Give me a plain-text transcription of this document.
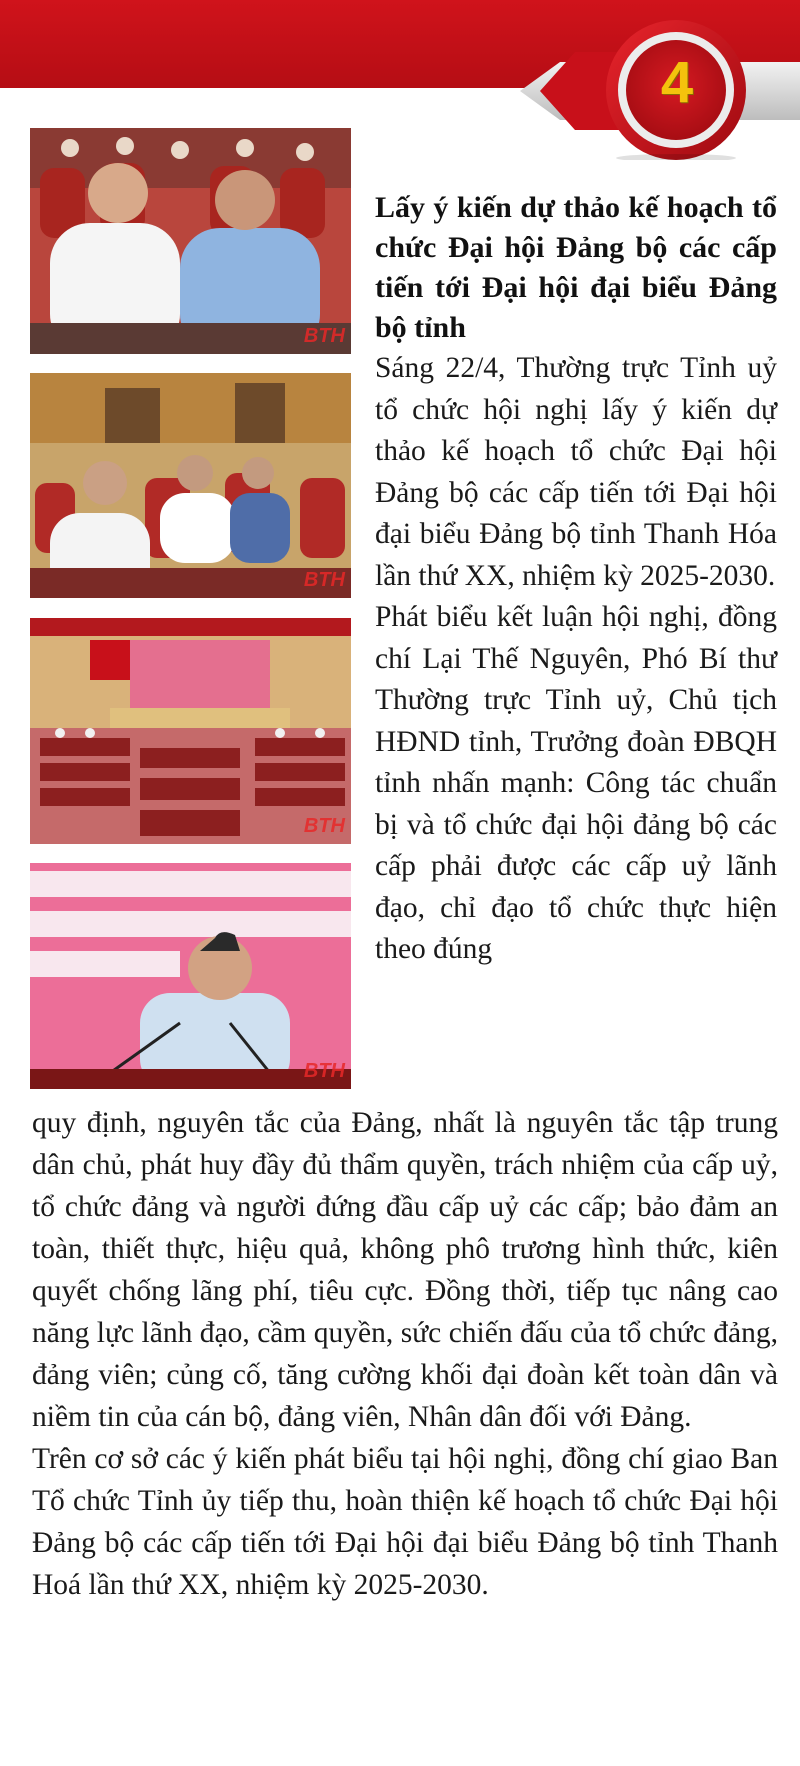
4
BTH
BTH
BTH
BTH

Lấy ý kiến dự thảo kế hoạch tổ chức Đại hội Đảng bộ các cấp tiến tới Đại hội đại biểu Đảng bộ tỉnh

Sáng 22/4, Thường trực Tỉnh uỷ tổ chức hội nghị lấy ý kiến dự thảo kế hoạch tổ chức Đại hội Đảng bộ các cấp tiến tới Đại hội đại biểu Đảng bộ tỉnh Thanh Hóa lần thứ XX, nhiệm kỳ 2025-2030.

Phát biểu kết luận hội nghị, đồng chí Lại Thế Nguyên, Phó Bí thư Thường trực Tỉnh uỷ, Chủ tịch HĐND tỉnh, Trưởng đoàn ĐBQH tỉnh nhấn mạnh: Công tác chuẩn bị và tổ chức đại hội đảng bộ các cấp phải được các cấp uỷ lãnh đạo, chỉ đạo tổ chức thực hiện theo đúng

quy định, nguyên tắc của Đảng, nhất là nguyên tắc tập trung dân chủ, phát huy đầy đủ thẩm quyền, trách nhiệm của cấp uỷ, tổ chức đảng và người đứng đầu cấp uỷ các cấp; bảo đảm an toàn, thiết thực, hiệu quả, không phô trương hình thức, kiên quyết chống lãng phí, tiêu cực. Đồng thời, tiếp tục nâng cao năng lực lãnh đạo, cầm quyền, sức chiến đấu của tổ chức đảng, đảng viên; củng cố, tăng cường khối đại đoàn kết toàn dân và niềm tin của cán bộ, đảng viên, Nhân dân đối với Đảng.

Trên cơ sở các ý kiến phát biểu tại hội nghị, đồng chí giao Ban Tổ chức Tỉnh ủy tiếp thu, hoàn thiện kế hoạch tổ chức Đại hội Đảng bộ các cấp tiến tới Đại hội đại biểu Đảng bộ tỉnh Thanh Hoá lần thứ XX, nhiệm kỳ 2025-2030.
